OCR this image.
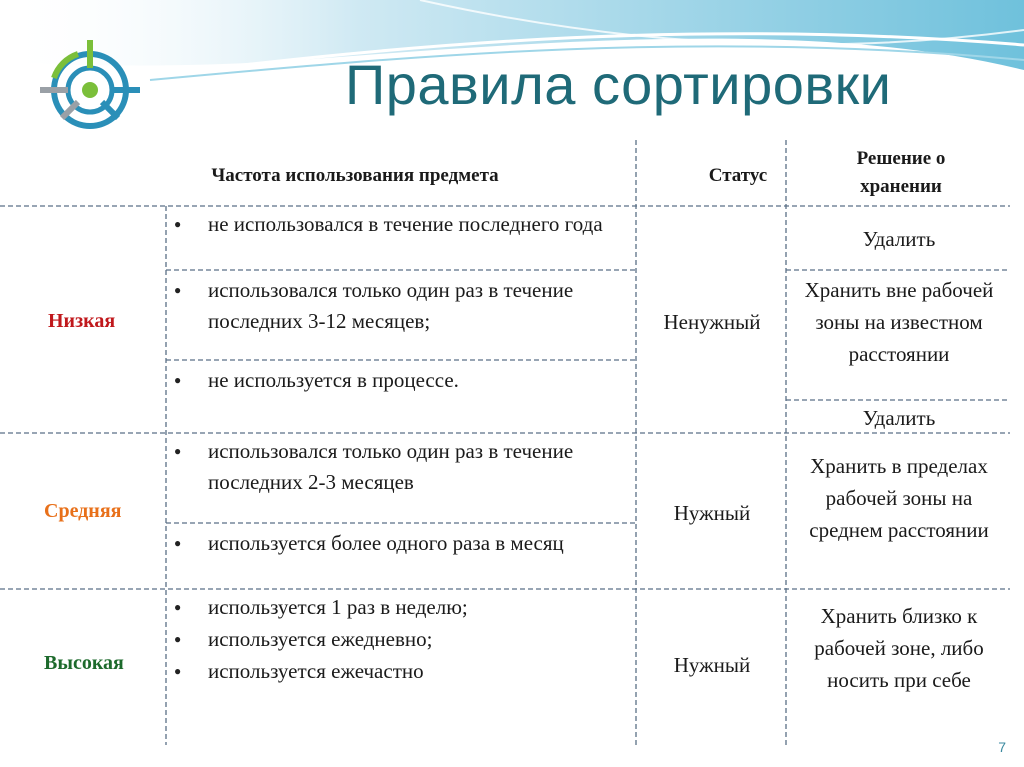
Правила сортировки
Частота использования предмета	Статус
Решение о хранении
Низкая
● не использовался в течение последнего года
● использовался только один раз в течение последних 3-12 месяцев;
● не используется в процессе.
Ненужный
Удалить
Хранить вне рабочей зоны на известном расстоянии
Удалить
Средняя
● использовался только один раз в течение последних 2-3 месяцев
● используется более одного раза в месяц
Нужный
Хранить в пределах рабочей зоны на среднем расстоянии
Высокая
● используется 1 раз в неделю;
● используется ежедневно;
● используется ежечастно	Нужный
Хранить близко к рабочей зоне, либо носить при себе
7
